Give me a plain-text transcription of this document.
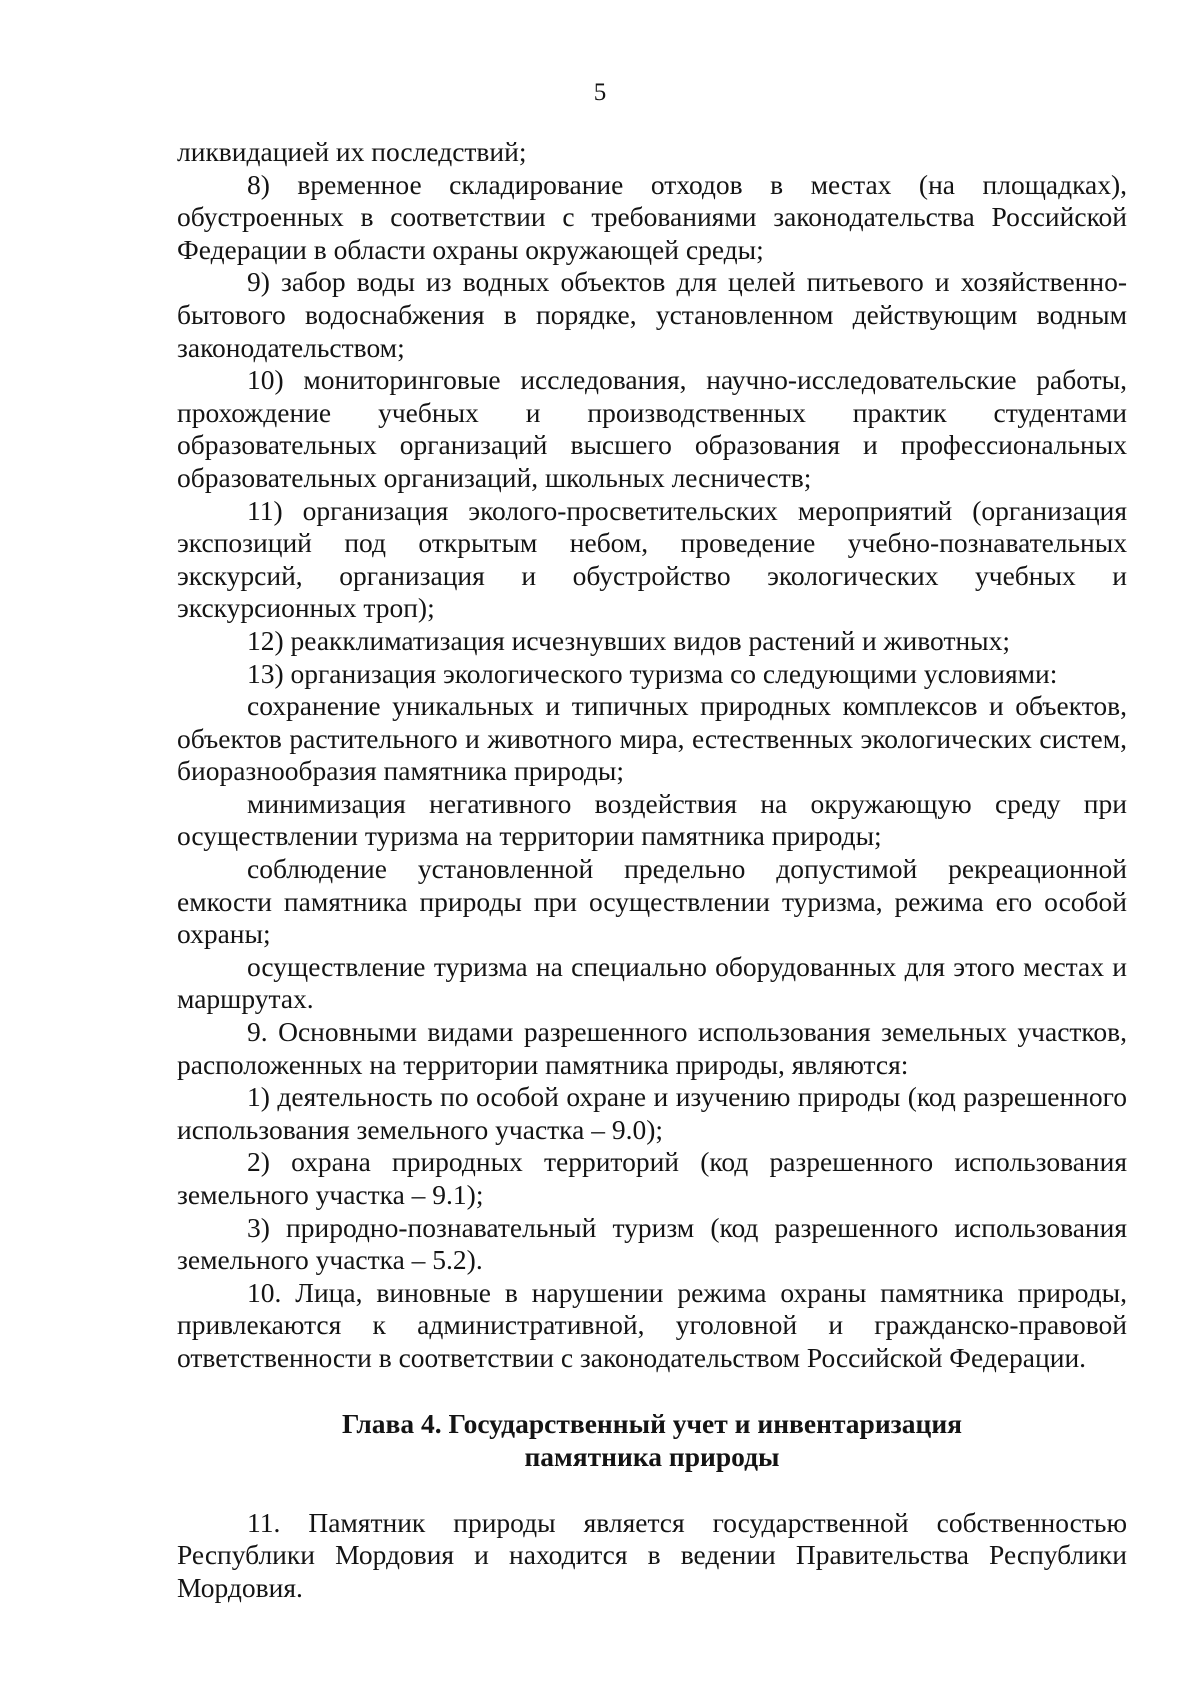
5

ликвидацией их последствий;

8) временное складирование отходов в местах (на площадках), обустроенных в соответствии с требованиями законодательства Российской Федерации в области охраны окружающей среды;

9) забор воды из водных объектов для целей питьевого и хозяйственно-бытового водоснабжения в порядке, установленном действующим водным законодательством;

10) мониторинговые исследования, научно-исследовательские работы, прохождение учебных и производственных практик студентами образовательных организаций высшего образования и профессиональных образовательных организаций, школьных лесничеств;

11) организация эколого-просветительских мероприятий (организация экспозиций под открытым небом, проведение учебно-познавательных экскурсий, организация и обустройство экологических учебных и экскурсионных троп);

12) реакклиматизация исчезнувших видов растений и животных;

13) организация экологического туризма со следующими условиями:

сохранение уникальных и типичных природных комплексов и объектов, объектов растительного и животного мира, естественных экологических систем, биоразнообразия памятника природы;

минимизация негативного воздействия на окружающую среду при осуществлении туризма на территории памятника природы;

соблюдение установленной предельно допустимой рекреационной емкости памятника природы при осуществлении туризма, режима его особой охраны;

осуществление туризма на специально оборудованных для этого местах и маршрутах.

9. Основными видами разрешенного использования земельных участков, расположенных на территории памятника природы, являются:

1) деятельность по особой охране и изучению природы (код разрешенного использования земельного участка – 9.0);

2) охрана природных территорий (код разрешенного использования земельного участка – 9.1);

3) природно-познавательный туризм (код разрешенного использования земельного участка – 5.2).

10. Лица, виновные в нарушении режима охраны памятника природы, привлекаются к административной, уголовной и гражданско-правовой ответственности в соответствии с законодательством Российской Федерации.

Глава 4. Государственный учет и инвентаризация
памятника природы

11. Памятник природы является государственной собственностью Республики Мордовия и находится в ведении Правительства Республики Мордовия.
